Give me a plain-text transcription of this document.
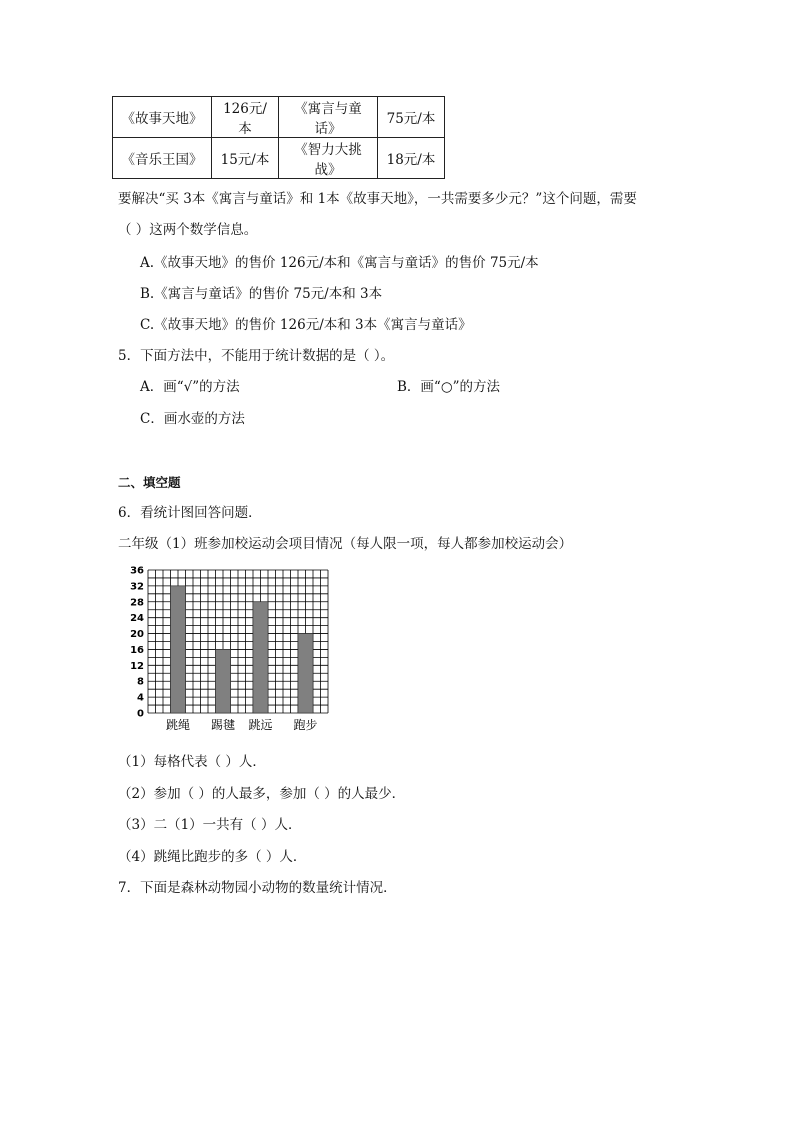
《故事天地》	126元/本	《寓言与童话》	75元/本
《音乐王国》	15元/本	《智力大挑战》	18元/本
要解决“买 3本《寓言与童话》和 1本《故事天地》，一共需要多少元？”这个问题，需要
（ ）这两个数学信息。
A.《故事天地》的售价 126元/本和《寓言与童话》的售价 75元/本
B.《寓言与童话》的售价 75元/本和 3本
C.《故事天地》的售价 126元/本和 3本《寓言与童话》
5．下面方法中，不能用于统计数据的是（ ）。
A．画“√”的方法	B．画“○”的方法
C．画水壶的方法
二、填空题
6．看统计图回答问题．
二年级（1）班参加校运动会项目情况（每人限一项，每人都参加校运动会）
0
4
8
12
16
20
24
28
32
36
跳绳 踢毽 跳远 跑步
（1）每格代表（ ）人．
（2）参加（ ）的人最多，参加（ ）的人最少．
（3）二（1）一共有（ ）人．
（4）跳绳比跑步的多（ ）人．
7．下面是森林动物园小动物的数量统计情况．
